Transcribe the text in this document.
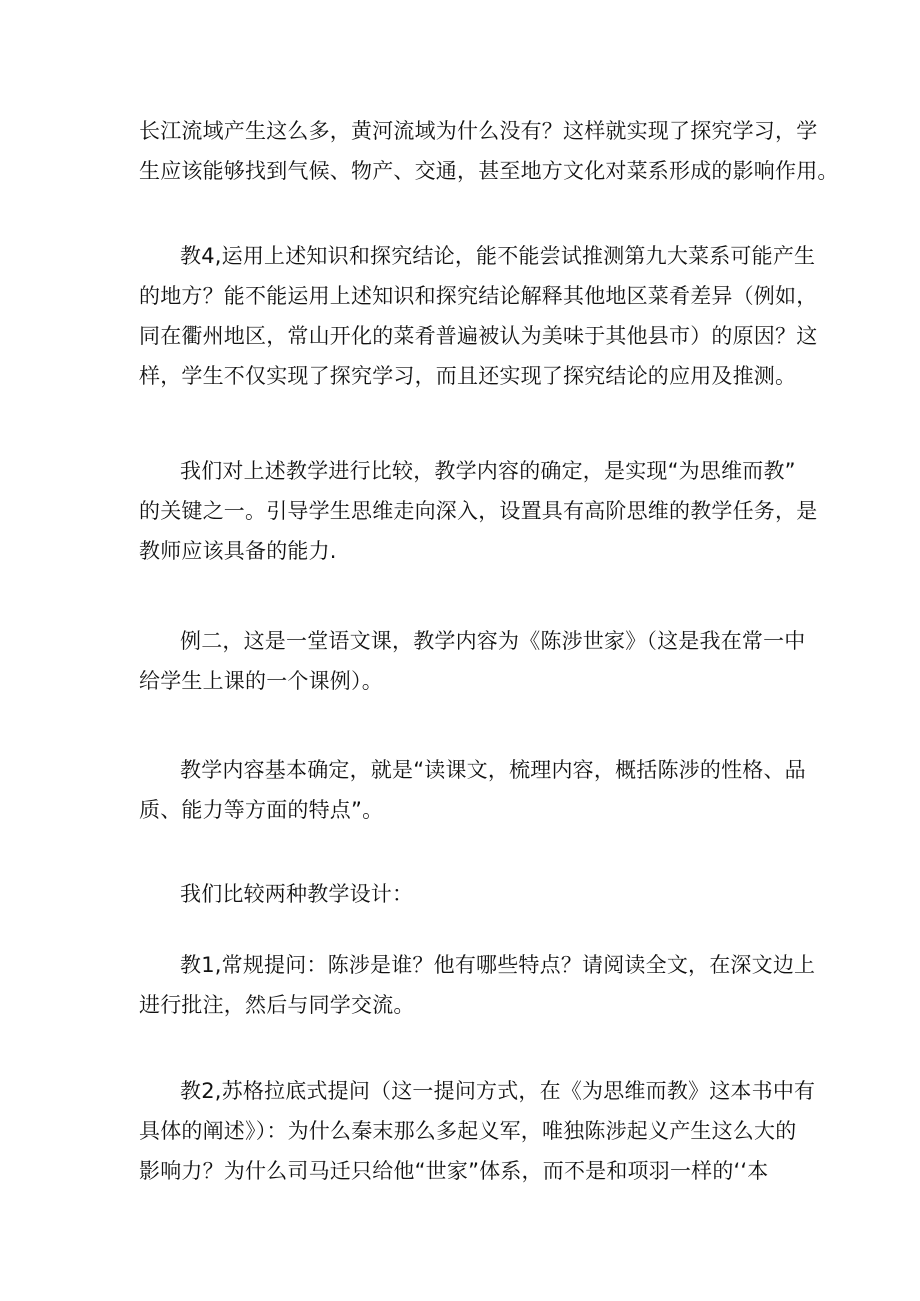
长江流域产生这么多，黄河流域为什么没有？这样就实现了探究学习，学
生应该能够找到气候、物产、交通，甚至地方文化对菜系形成的影响作用。
教4,运用上述知识和探究结论，能不能尝试推测第九大菜系可能产生
的地方？能不能运用上述知识和探究结论解释其他地区菜肴差异（例如，
同在衢州地区，常山开化的菜肴普遍被认为美味于其他县市）的原因？这
样，学生不仅实现了探究学习，而且还实现了探究结论的应用及推测。
我们对上述教学进行比较，教学内容的确定，是实现“为思维而教”
的关键之一。引导学生思维走向深入，设置具有高阶思维的教学任务，是
教师应该具备的能力.
例二，这是一堂语文课，教学内容为《陈涉世家》（这是我在常一中
给学生上课的一个课例）。
教学内容基本确定，就是“读课文，梳理内容，概括陈涉的性格、品
质、能力等方面的特点”。
我们比较两种教学设计：
教1,常规提问：陈涉是谁？他有哪些特点？请阅读全文，在深文边上
进行批注，然后与同学交流。
教2,苏格拉底式提问（这一提问方式，在《为思维而教》这本书中有
具体的阐述》）：为什么秦末那么多起义军，唯独陈涉起义产生这么大的
影响力？为什么司马迁只给他“世家”体系，而不是和项羽一样的‘‘本
